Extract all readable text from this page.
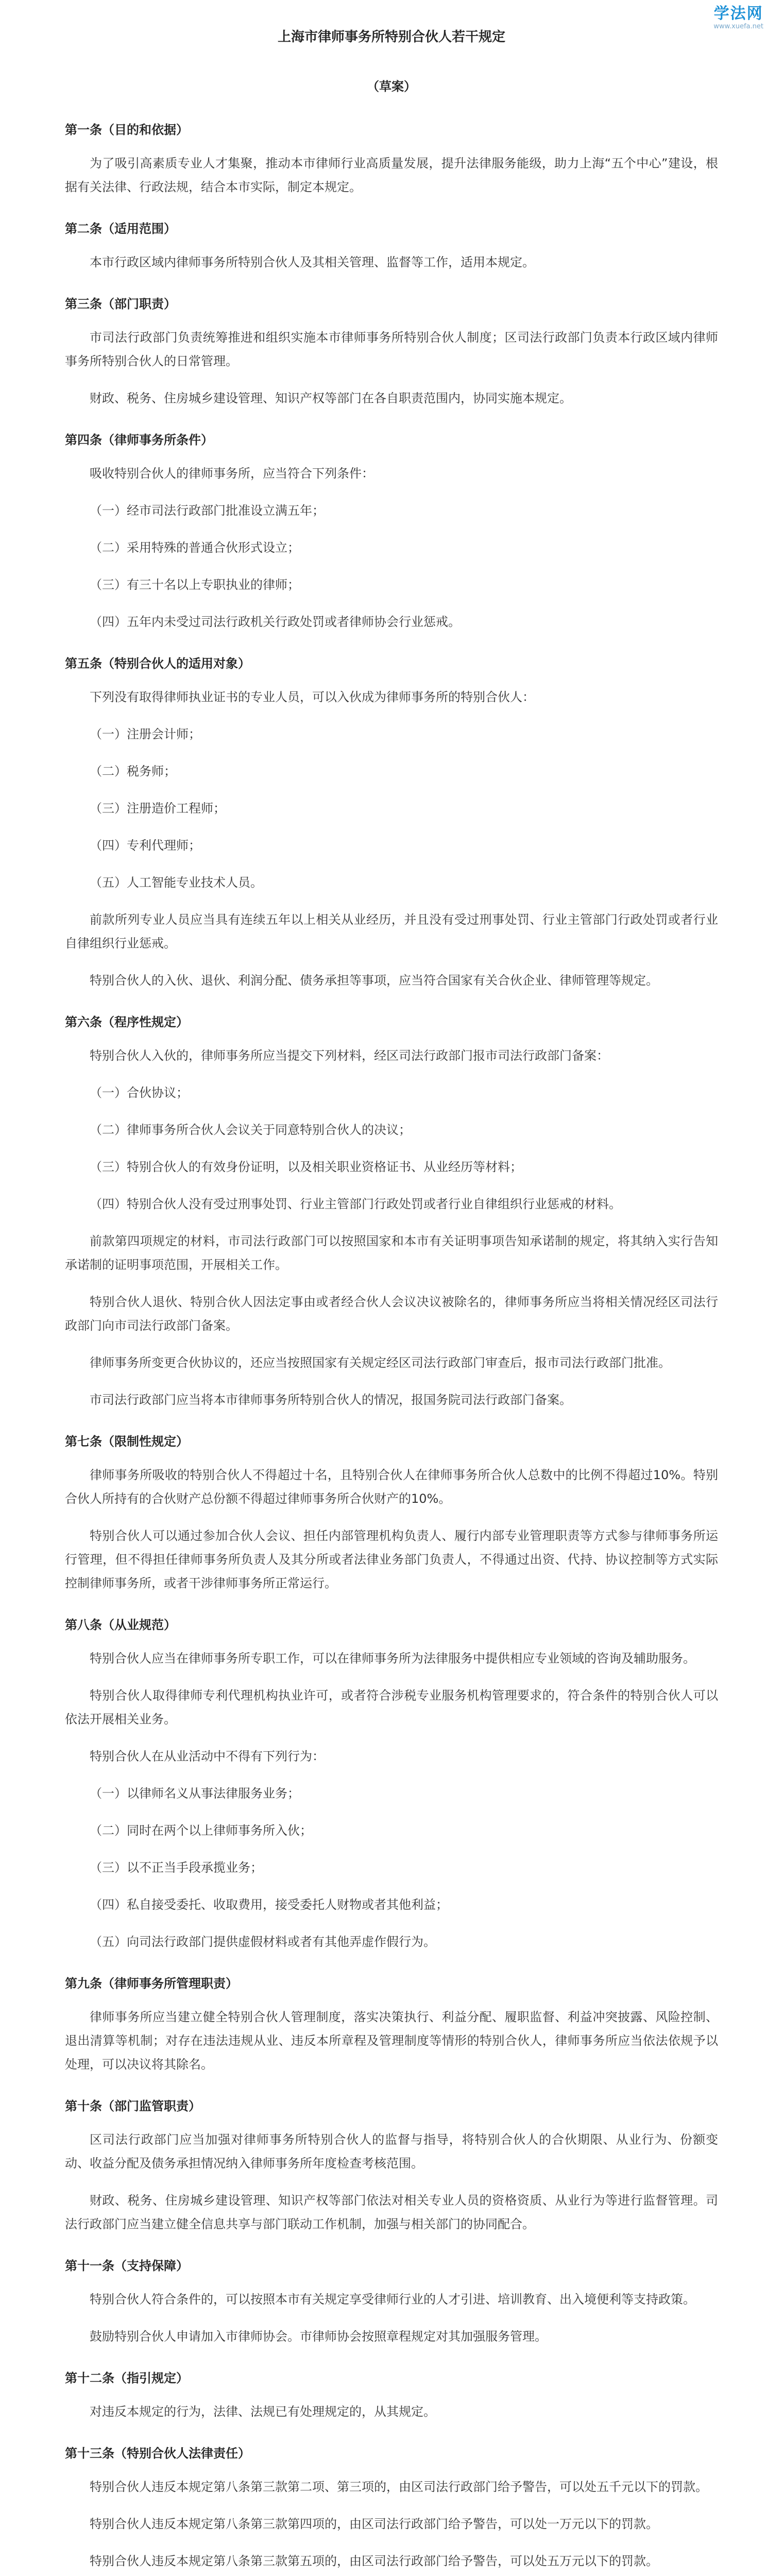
学法网
www.xuefa.net
上海市律师事务所特别合伙人若干规定
（草案）
第一条（目的和依据）
为了吸引高素质专业人才集聚，推动本市律师行业高质量发展，提升法律服务能级，助力上海“五个中心”建设，根据有关法律、行政法规，结合本市实际，制定本规定。
第二条（适用范围）
本市行政区域内律师事务所特别合伙人及其相关管理、监督等工作，适用本规定。
第三条（部门职责）
市司法行政部门负责统筹推进和组织实施本市律师事务所特别合伙人制度；区司法行政部门负责本行政区域内律师事务所特别合伙人的日常管理。
财政、税务、住房城乡建设管理、知识产权等部门在各自职责范围内，协同实施本规定。
第四条（律师事务所条件）
吸收特别合伙人的律师事务所，应当符合下列条件：
（一）经市司法行政部门批准设立满五年；
（二）采用特殊的普通合伙形式设立；
（三）有三十名以上专职执业的律师；
（四）五年内未受过司法行政机关行政处罚或者律师协会行业惩戒。
第五条（特别合伙人的适用对象）
下列没有取得律师执业证书的专业人员，可以入伙成为律师事务所的特别合伙人：
（一）注册会计师；
（二）税务师；
（三）注册造价工程师；
（四）专利代理师；
（五）人工智能专业技术人员。
前款所列专业人员应当具有连续五年以上相关从业经历，并且没有受过刑事处罚、行业主管部门行政处罚或者行业自律组织行业惩戒。
特别合伙人的入伙、退伙、利润分配、债务承担等事项，应当符合国家有关合伙企业、律师管理等规定。
第六条（程序性规定）
特别合伙人入伙的，律师事务所应当提交下列材料，经区司法行政部门报市司法行政部门备案：
（一）合伙协议；
（二）律师事务所合伙人会议关于同意特别合伙人的决议；
（三）特别合伙人的有效身份证明，以及相关职业资格证书、从业经历等材料；
（四）特别合伙人没有受过刑事处罚、行业主管部门行政处罚或者行业自律组织行业惩戒的材料。
前款第四项规定的材料，市司法行政部门可以按照国家和本市有关证明事项告知承诺制的规定，将其纳入实行告知承诺制的证明事项范围，开展相关工作。
特别合伙人退伙、特别合伙人因法定事由或者经合伙人会议决议被除名的，律师事务所应当将相关情况经区司法行政部门向市司法行政部门备案。
律师事务所变更合伙协议的，还应当按照国家有关规定经区司法行政部门审查后，报市司法行政部门批准。
市司法行政部门应当将本市律师事务所特别合伙人的情况，报国务院司法行政部门备案。
第七条（限制性规定）
律师事务所吸收的特别合伙人不得超过十名，且特别合伙人在律师事务所合伙人总数中的比例不得超过10%。特别合伙人所持有的合伙财产总份额不得超过律师事务所合伙财产的10%。
特别合伙人可以通过参加合伙人会议、担任内部管理机构负责人、履行内部专业管理职责等方式参与律师事务所运行管理，但不得担任律师事务所负责人及其分所或者法律业务部门负责人，不得通过出资、代持、协议控制等方式实际控制律师事务所，或者干涉律师事务所正常运行。
第八条（从业规范）
特别合伙人应当在律师事务所专职工作，可以在律师事务所为法律服务中提供相应专业领域的咨询及辅助服务。
特别合伙人取得律师专利代理机构执业许可，或者符合涉税专业服务机构管理要求的，符合条件的特别合伙人可以依法开展相关业务。
特别合伙人在从业活动中不得有下列行为：
（一）以律师名义从事法律服务业务；
（二）同时在两个以上律师事务所入伙；
（三）以不正当手段承揽业务；
（四）私自接受委托、收取费用，接受委托人财物或者其他利益；
（五）向司法行政部门提供虚假材料或者有其他弄虚作假行为。
第九条（律师事务所管理职责）
律师事务所应当建立健全特别合伙人管理制度，落实决策执行、利益分配、履职监督、利益冲突披露、风险控制、退出清算等机制；对存在违法违规从业、违反本所章程及管理制度等情形的特别合伙人，律师事务所应当依法依规予以处理，可以决议将其除名。
第十条（部门监管职责）
区司法行政部门应当加强对律师事务所特别合伙人的监督与指导，将特别合伙人的合伙期限、从业行为、份额变动、收益分配及债务承担情况纳入律师事务所年度检查考核范围。
财政、税务、住房城乡建设管理、知识产权等部门依法对相关专业人员的资格资质、从业行为等进行监督管理。司法行政部门应当建立健全信息共享与部门联动工作机制，加强与相关部门的协同配合。
第十一条（支持保障）
特别合伙人符合条件的，可以按照本市有关规定享受律师行业的人才引进、培训教育、出入境便利等支持政策。
鼓励特别合伙人申请加入市律师协会。市律师协会按照章程规定对其加强服务管理。
第十二条（指引规定）
对违反本规定的行为，法律、法规已有处理规定的，从其规定。
第十三条（特别合伙人法律责任）
特别合伙人违反本规定第八条第三款第二项、第三项的，由区司法行政部门给予警告，可以处五千元以下的罚款。
特别合伙人违反本规定第八条第三款第四项的，由区司法行政部门给予警告，可以处一万元以下的罚款。
特别合伙人违反本规定第八条第三款第五项的，由区司法行政部门给予警告，可以处五万元以下的罚款。
